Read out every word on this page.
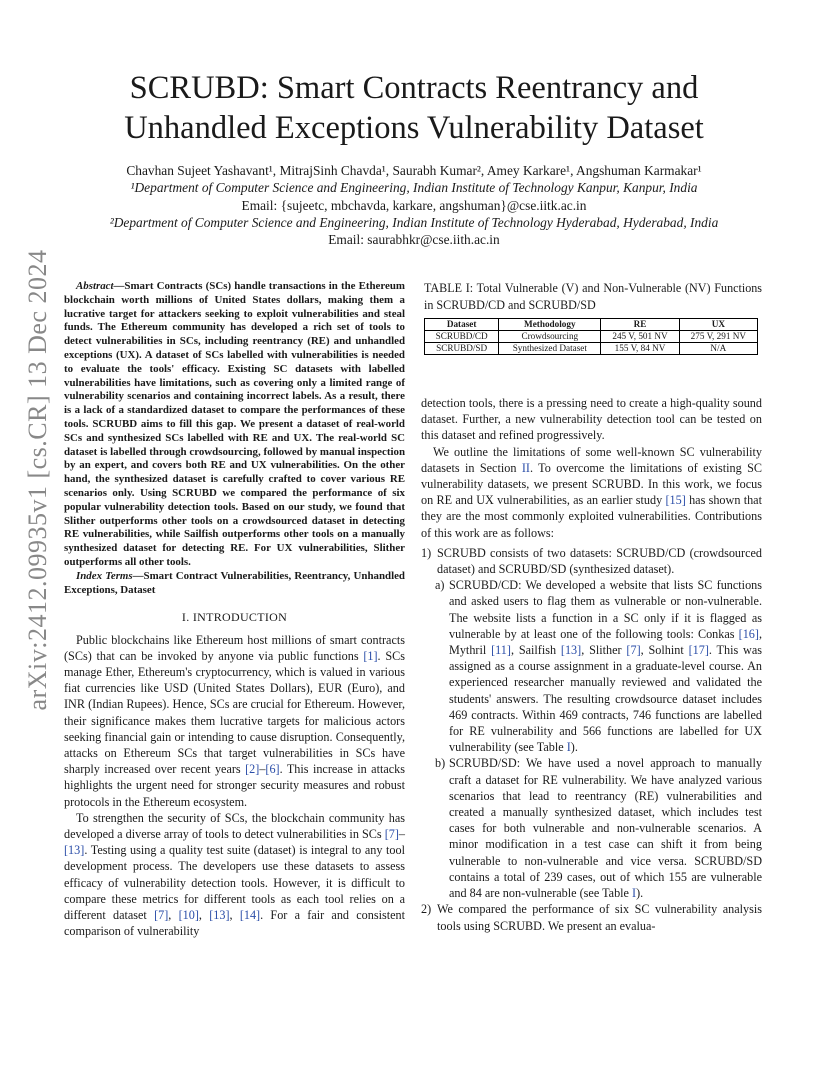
arXiv:2412.09935v1 [cs.CR] 13 Dec 2024
SCRUBD: Smart Contracts Reentrancy and
Unhandled Exceptions Vulnerability Dataset
Chavhan Sujeet Yashavant¹, MitrajSinh Chavda¹, Saurabh Kumar², Amey Karkare¹, Angshuman Karmakar¹
¹Department of Computer Science and Engineering, Indian Institute of Technology Kanpur, Kanpur, India
Email: {sujeetc, mbchavda, karkare, angshuman}@cse.iitk.ac.in
²Department of Computer Science and Engineering, Indian Institute of Technology Hyderabad, Hyderabad, India
Email: saurabhkr@cse.iith.ac.in

Abstract—Smart Contracts (SCs) handle transactions in the Ethereum blockchain worth millions of United States dollars, making them a lucrative target for attackers seeking to exploit vulnerabilities and steal funds. The Ethereum community has developed a rich set of tools to detect vulnerabilities in SCs, including reentrancy (RE) and unhandled exceptions (UX). A dataset of SCs labelled with vulnerabilities is needed to evaluate the tools' efficacy. Existing SC datasets with labelled vulnerabilities have limitations, such as covering only a limited range of vulnerability scenarios and containing incorrect labels. As a result, there is a lack of a standardized dataset to compare the performances of these tools. SCRUBD aims to fill this gap. We present a dataset of real-world SCs and synthesized SCs labelled with RE and UX. The real-world SC dataset is labelled through crowdsourcing, followed by manual inspection by an expert, and covers both RE and UX vulnerabilities. On the other hand, the synthesized dataset is carefully crafted to cover various RE scenarios only. Using SCRUBD we compared the performance of six popular vulnerability detection tools. Based on our study, we found that Slither outperforms other tools on a crowdsourced dataset in detecting RE vulnerabilities, while Sailfish outperforms other tools on a manually synthesized dataset for detecting RE. For UX vulnerabilities, Slither outperforms all other tools.

Index Terms—Smart Contract Vulnerabilities, Reentrancy, Unhandled Exceptions, Dataset

I. INTRODUCTION

Public blockchains like Ethereum host millions of smart contracts (SCs) that can be invoked by anyone via public functions [1]. SCs manage Ether, Ethereum's cryptocurrency, which is valued in various fiat currencies like USD (United States Dollars), EUR (Euro), and INR (Indian Rupees). Hence, SCs are crucial for Ethereum. However, their significance makes them lucrative targets for malicious actors seeking financial gain or intending to cause disruption. Consequently, attacks on Ethereum SCs that target vulnerabilities in SCs have sharply increased over recent years [2]–[6]. This increase in attacks highlights the urgent need for stronger security measures and robust protocols in the Ethereum ecosystem.

To strengthen the security of SCs, the blockchain community has developed a diverse array of tools to detect vulnerabilities in SCs [7]–[13]. Testing using a quality test suite (dataset) is integral to any tool development process. The developers use these datasets to assess efficacy of vulnerability detection tools. However, it is difficult to compare these metrics for different tools as each tool relies on a different dataset [7], [10], [13], [14]. For a fair and consistent comparison of vulnerability

TABLE I: Total Vulnerable (V) and Non-Vulnerable (NV) Functions in SCRUBD/CD and SCRUBD/SD
Dataset	Methodology	RE	UX
SCRUBD/CD	Crowdsourcing	245 V, 501 NV	275 V, 291 NV
SCRUBD/SD	Synthesized Dataset	155 V, 84 NV	N/A

detection tools, there is a pressing need to create a high-quality sound dataset. Further, a new vulnerability detection tool can be tested on this dataset and refined progressively.

We outline the limitations of some well-known SC vulnerability datasets in Section II. To overcome the limitations of existing SC vulnerability datasets, we present SCRUBD. In this work, we focus on RE and UX vulnerabilities, as an earlier study [15] has shown that they are the most commonly exploited vulnerabilities. Contributions of this work are as follows:

1) SCRUBD consists of two datasets: SCRUBD/CD (crowdsourced dataset) and SCRUBD/SD (synthesized dataset).
a) SCRUBD/CD: We developed a website that lists SC functions and asked users to flag them as vulnerable or non-vulnerable. The website lists a function in a SC only if it is flagged as vulnerable by at least one of the following tools: Conkas [16], Mythril [11], Sailfish [13], Slither [7], Solhint [17]. This was assigned as a course assignment in a graduate-level course. An experienced researcher manually reviewed and validated the students' answers. The resulting crowdsource dataset includes 469 contracts. Within 469 contracts, 746 functions are labelled for RE vulnerability and 566 functions are labelled for UX vulnerability (see Table I).
b) SCRUBD/SD: We have used a novel approach to manually craft a dataset for RE vulnerability. We have analyzed various scenarios that lead to reentrancy (RE) vulnerabilities and created a manually synthesized dataset, which includes test cases for both vulnerable and non-vulnerable scenarios. A minor modification in a test case can shift it from being vulnerable to non-vulnerable and vice versa. SCRUBD/SD contains a total of 239 cases, out of which 155 are vulnerable and 84 are non-vulnerable (see Table I).
2) We compared the performance of six SC vulnerability analysis tools using SCRUBD. We present an evalua-
